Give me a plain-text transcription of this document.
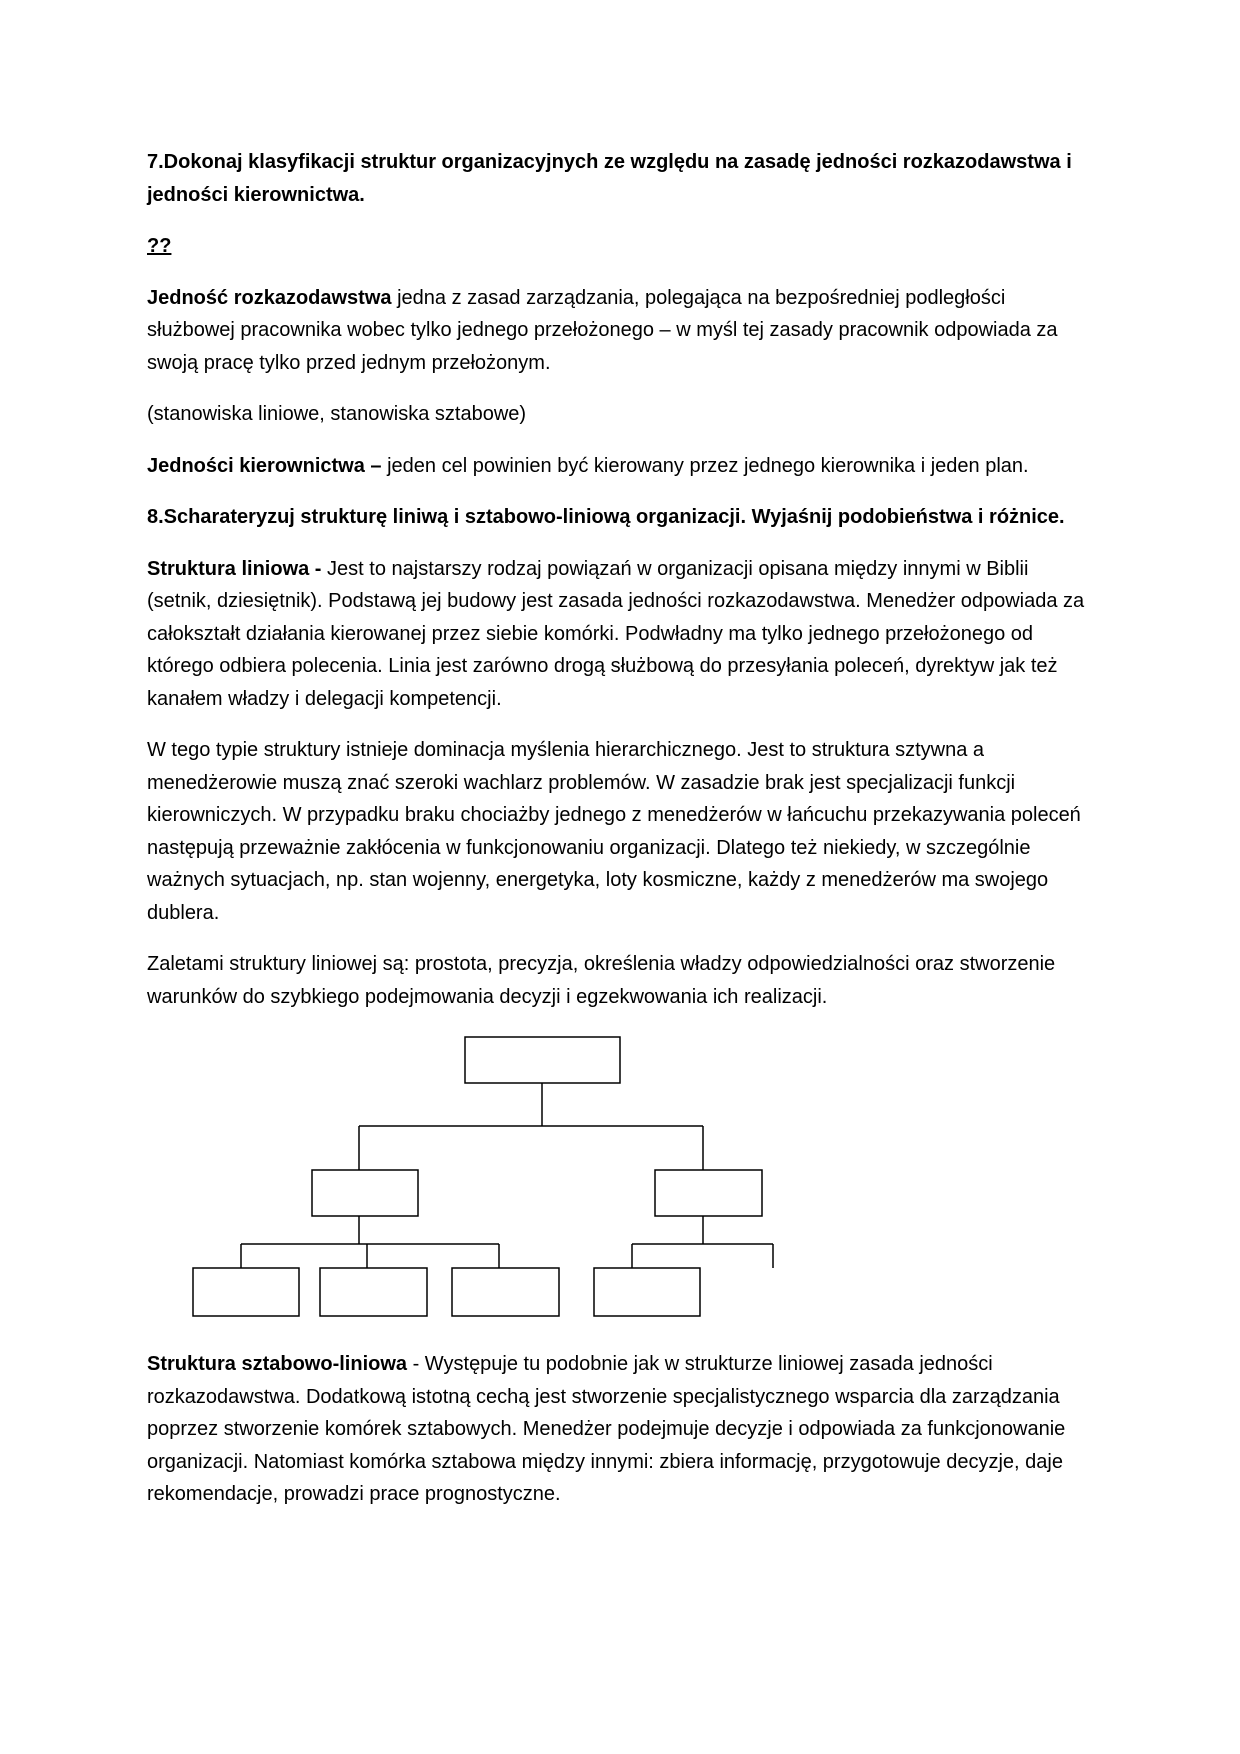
7.Dokonaj klasyfikacji struktur organizacyjnych ze względu na zasadę jedności rozkazodawstwa i jedności kierownictwa.

??

Jedność rozkazodawstwa jedna z zasad zarządzania, polegająca na bezpośredniej podległości służbowej pracownika wobec tylko jednego przełożonego – w myśl tej zasady pracownik odpowiada za swoją pracę tylko przed jednym przełożonym.

(stanowiska liniowe, stanowiska sztabowe)

Jedności kierownictwa – jeden cel powinien być kierowany przez jednego kierownika i jeden plan.

8.Scharateryzuj strukturę liniwą i sztabowo-liniową organizacji. Wyjaśnij podobieństwa i różnice.

Struktura liniowa - Jest to najstarszy rodzaj powiązań w organizacji opisana między innymi w Biblii (setnik, dziesiętnik). Podstawą jej budowy jest zasada jedności rozkazodawstwa. Menedżer odpowiada za całokształt działania kierowanej przez siebie komórki. Podwładny ma tylko jednego przełożonego od którego odbiera polecenia. Linia jest zarówno drogą służbową do przesyłania poleceń, dyrektyw jak też kanałem władzy i delegacji kompetencji.

W tego typie struktury istnieje dominacja myślenia hierarchicznego. Jest to struktura sztywna a menedżerowie muszą znać szeroki wachlarz problemów. W zasadzie brak jest specjalizacji funkcji kierowniczych. W przypadku braku chociażby jednego z menedżerów w łańcuchu przekazywania poleceń następują przeważnie zakłócenia w funkcjonowaniu organizacji. Dlatego też niekiedy, w szczególnie ważnych sytuacjach, np. stan wojenny, energetyka, loty kosmiczne, każdy z menedżerów ma swojego dublera.

Zaletami struktury liniowej są: prostota, precyzja, określenia władzy odpowiedzialności oraz stworzenie warunków do szybkiego podejmowania decyzji i egzekwowania ich realizacji.

Struktura sztabowo-liniowa - Występuje tu podobnie jak w strukturze liniowej zasada jedności rozkazodawstwa. Dodatkową istotną cechą jest stworzenie specjalistycznego wsparcia dla zarządzania poprzez stworzenie komórek sztabowych. Menedżer podejmuje decyzje i odpowiada za funkcjonowanie organizacji. Natomiast komórka sztabowa między innymi: zbiera informację, przygotowuje decyzje, daje rekomendacje, prowadzi prace prognostyczne.
